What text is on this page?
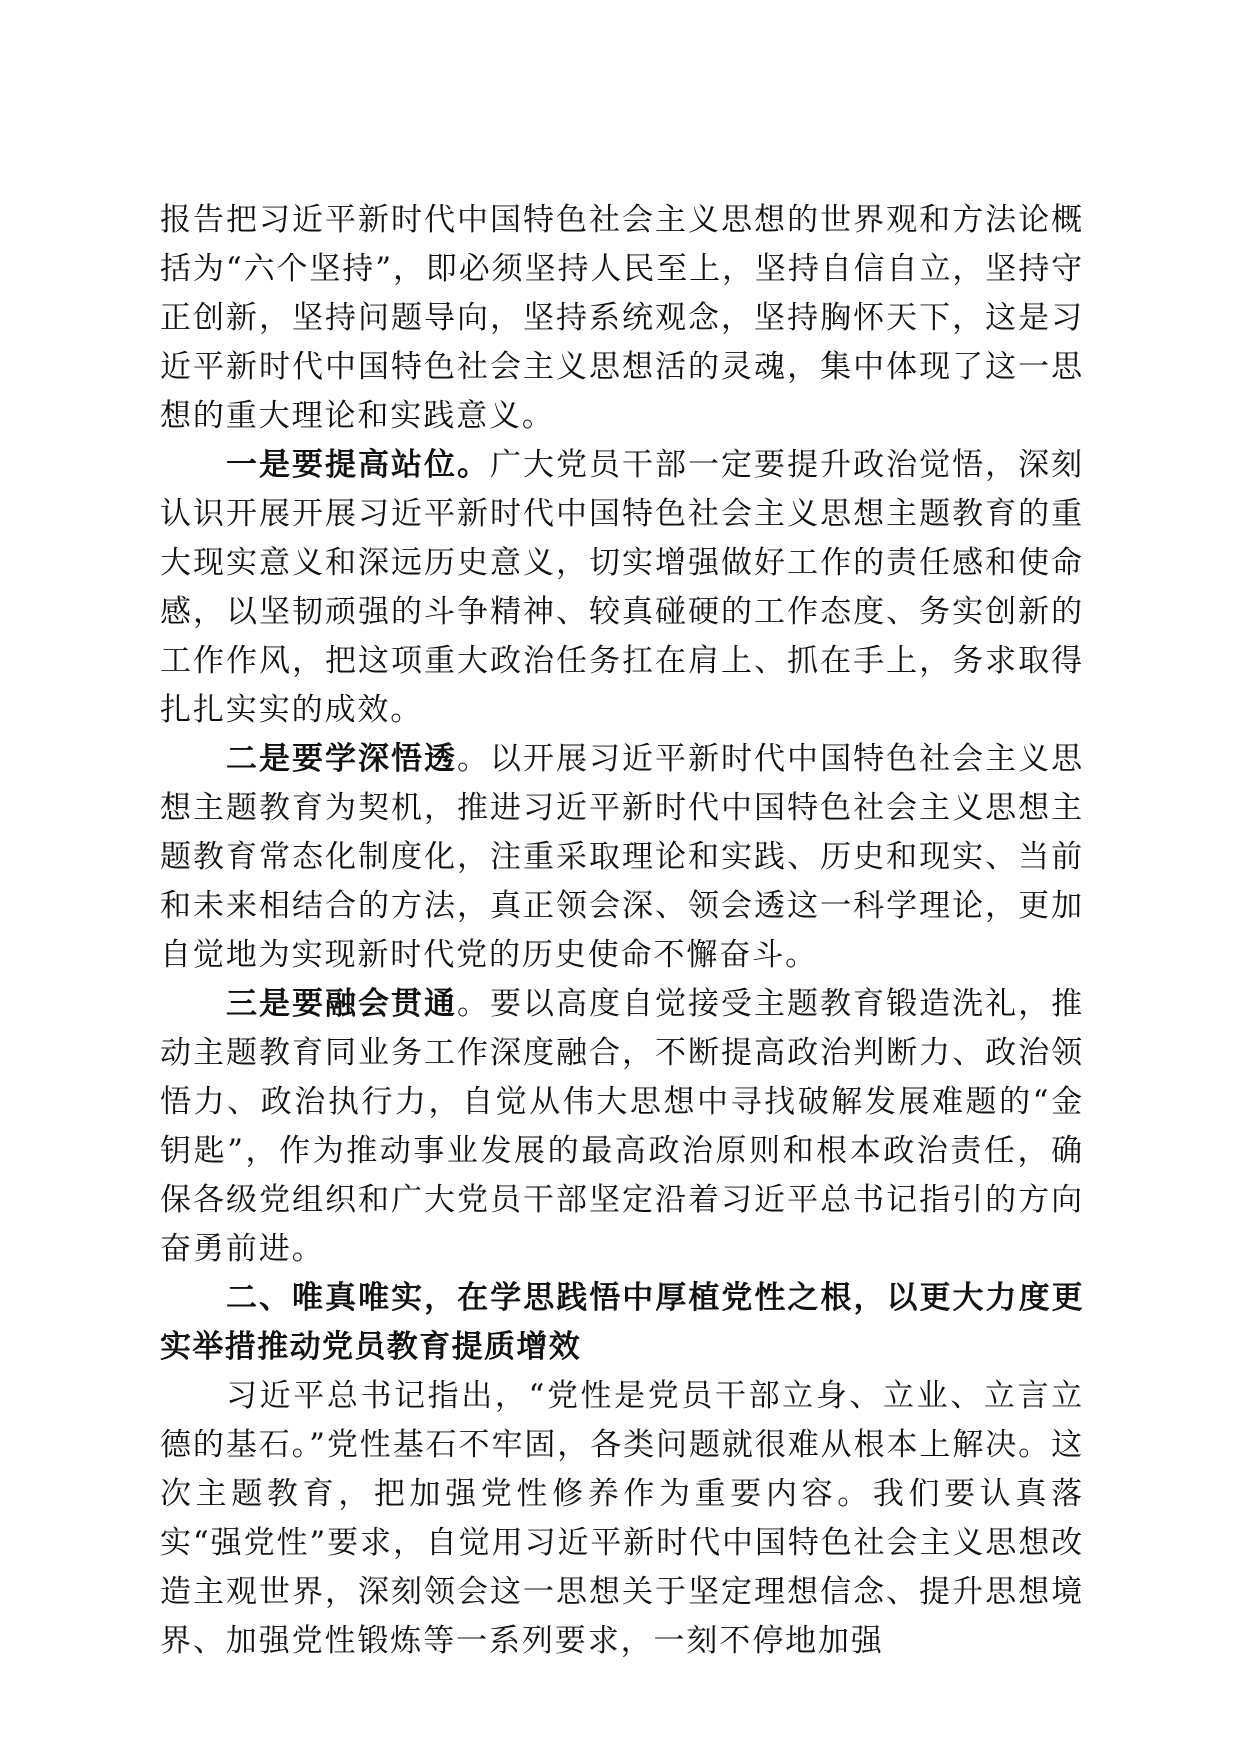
报告把习近平新时代中国特色社会主义思想的世界观和方法论概括为“六个坚持”，即必须坚持人民至上，坚持自信自立，坚持守正创新，坚持问题导向，坚持系统观念，坚持胸怀天下，这是习近平新时代中国特色社会主义思想活的灵魂，集中体现了这一思想的重大理论和实践意义。

一是要提高站位。广大党员干部一定要提升政治觉悟，深刻认识开展开展习近平新时代中国特色社会主义思想主题教育的重大现实意义和深远历史意义，切实增强做好工作的责任感和使命感，以坚韧顽强的斗争精神、较真碰硬的工作态度、务实创新的工作作风，把这项重大政治任务扛在肩上、抓在手上，务求取得扎扎实实的成效。

二是要学深悟透。以开展习近平新时代中国特色社会主义思想主题教育为契机，推进习近平新时代中国特色社会主义思想主题教育常态化制度化，注重采取理论和实践、历史和现实、当前和未来相结合的方法，真正领会深、领会透这一科学理论，更加自觉地为实现新时代党的历史使命不懈奋斗。

三是要融会贯通。要以高度自觉接受主题教育锻造洗礼，推动主题教育同业务工作深度融合，不断提高政治判断力、政治领悟力、政治执行力，自觉从伟大思想中寻找破解发展难题的“金钥匙”，作为推动事业发展的最高政治原则和根本政治责任，确保各级党组织和广大党员干部坚定沿着习近平总书记指引的方向奋勇前进。

二、唯真唯实，在学思践悟中厚植党性之根，以更大力度更实举措推动党员教育提质增效

习近平总书记指出，“党性是党员干部立身、立业、立言立德的基石。”党性基石不牢固，各类问题就很难从根本上解决。这次主题教育，把加强党性修养作为重要内容。我们要认真落实“强党性”要求，自觉用习近平新时代中国特色社会主义思想改造主观世界，深刻领会这一思想关于坚定理想信念、提升思想境界、加强党性锻炼等一系列要求，一刻不停地加强
